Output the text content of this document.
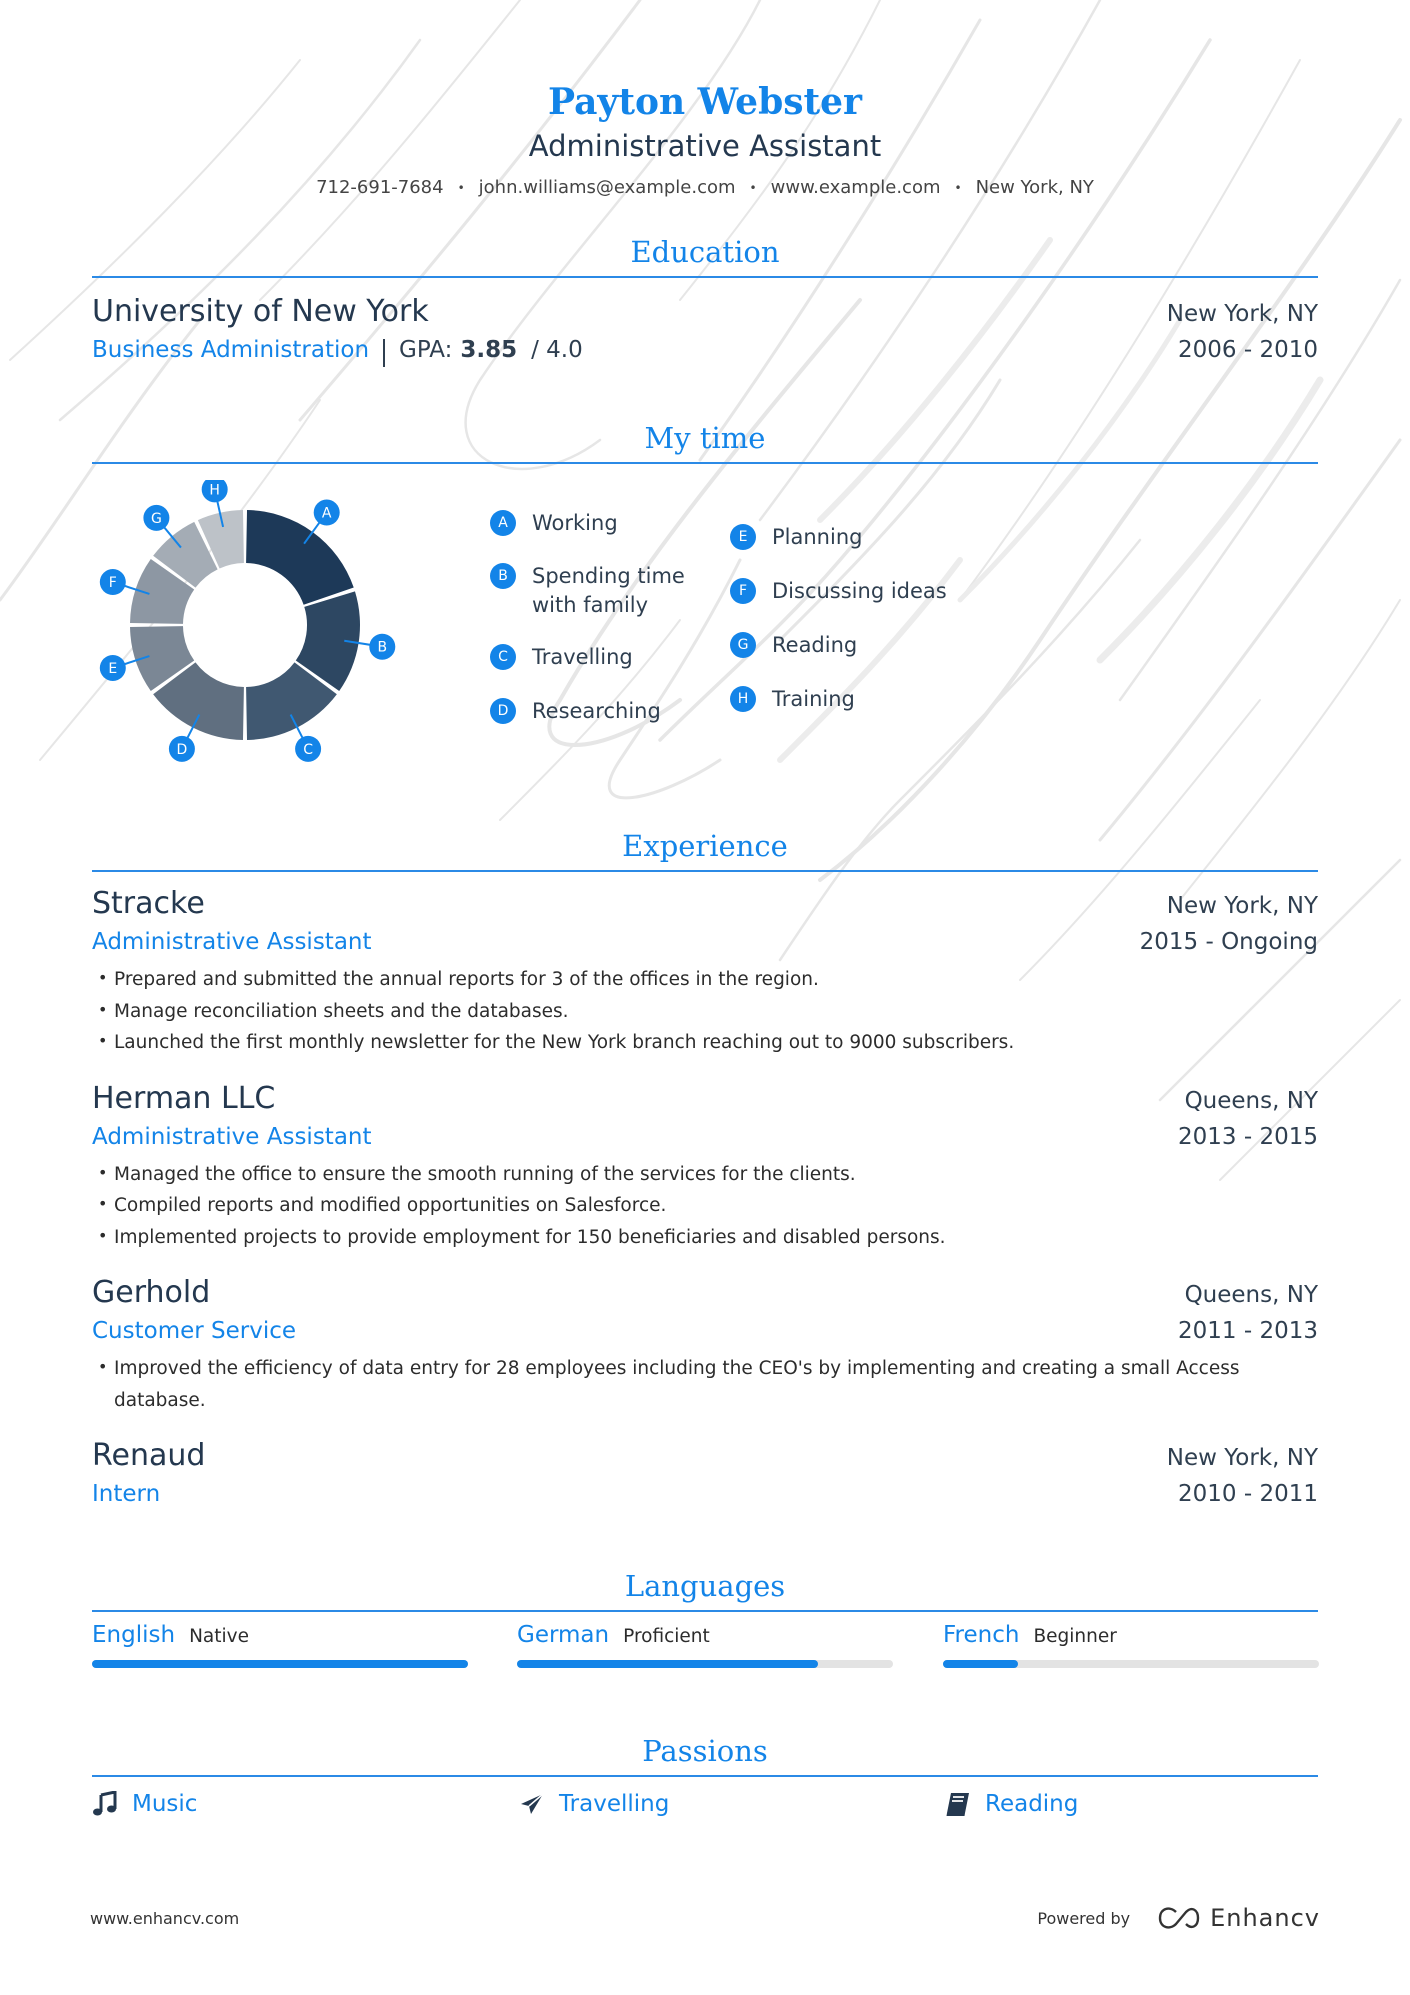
Payton Webster
Administrative Assistant
712-691-7684 • john.williams@example.com • www.example.com • New York, NY
Education
University of New York	New York, NY
Business Administration GPA: 3.85 / 4.0	2006 - 2010
My time
A
B
C
D
E
F
G
H
A	Working
B	Spending time
with family
C	Travelling
D	Researching
E	Planning
F	Discussing ideas
G	Reading
H	Training
Experience
Stracke	New York, NY
Administrative Assistant	2015 - Ongoing
• Prepared and submitted the annual reports for 3 of the offices in the region.
• Manage reconciliation sheets and the databases.
• Launched the first monthly newsletter for the New York branch reaching out to 9000 subscribers.
Herman LLC	Queens, NY
Administrative Assistant	2013 - 2015
• Managed the office to ensure the smooth running of the services for the clients.
• Compiled reports and modified opportunities on Salesforce.
• Implemented projects to provide employment for 150 beneficiaries and disabled persons.
Gerhold	Queens, NY
Customer Service	2011 - 2013
• Improved the efficiency of data entry for 28 employees including the CEO's by implementing and creating a small Access database.
Renaud	New York, NY
Intern	2010 - 2011
Languages
English Native	German Proficient	French Beginner
Passions
Music	Travelling	Reading
www.enhancv.com	Powered by	Enhancv
